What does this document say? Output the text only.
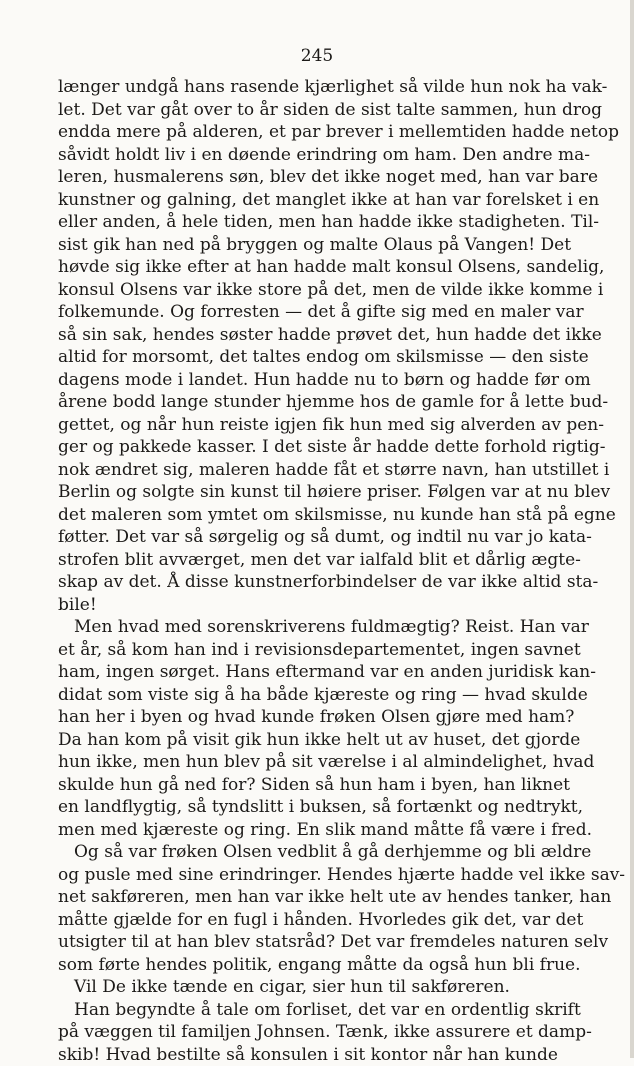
245
længer undgå hans rasende kjærlighet så vilde hun nok ha vak-
let. Det var gåt over to år siden de sist talte sammen, hun drog
endda mere på alderen, et par brever i mellemtiden hadde netop
såvidt holdt liv i en døende erindring om ham. Den andre ma-
leren, husmalerens søn, blev det ikke noget med, han var bare
kunstner og galning, det manglet ikke at han var forelsket i en
eller anden, å hele tiden, men han hadde ikke stadigheten. Til-
sist gik han ned på bryggen og malte Olaus på Vangen! Det
høvde sig ikke efter at han hadde malt konsul Olsens, sandelig,
konsul Olsens var ikke store på det, men de vilde ikke komme i
folkemunde. Og forresten — det å gifte sig med en maler var
så sin sak, hendes søster hadde prøvet det, hun hadde det ikke
altid for morsomt, det taltes endog om skilsmisse — den siste
dagens mode i landet. Hun hadde nu to børn og hadde før om
årene bodd lange stunder hjemme hos de gamle for å lette bud-
gettet, og når hun reiste igjen fik hun med sig alverden av pen-
ger og pakkede kasser. I det siste år hadde dette forhold rigtig-
nok ændret sig, maleren hadde fåt et større navn, han utstillet i
Berlin og solgte sin kunst til høiere priser. Følgen var at nu blev
det maleren som ymtet om skilsmisse, nu kunde han stå på egne
føtter. Det var så sørgelig og så dumt, og indtil nu var jo kata-
strofen blit avværget, men det var ialfald blit et dårlig ægte-
skap av det. Å disse kunstnerforbindelser de var ikke altid sta-
bile!
Men hvad med sorenskriverens fuldmægtig? Reist. Han var
et år, så kom han ind i revisionsdepartementet, ingen savnet
ham, ingen sørget. Hans eftermand var en anden juridisk kan-
didat som viste sig å ha både kjæreste og ring — hvad skulde
han her i byen og hvad kunde frøken Olsen gjøre med ham?
Da han kom på visit gik hun ikke helt ut av huset, det gjorde
hun ikke, men hun blev på sit værelse i al almindelighet, hvad
skulde hun gå ned for? Siden så hun ham i byen, han liknet
en landflygtig, så tyndslitt i buksen, så fortænkt og nedtrykt,
men med kjæreste og ring. En slik mand måtte få være i fred.
Og så var frøken Olsen vedblit å gå derhjemme og bli ældre
og pusle med sine erindringer. Hendes hjærte hadde vel ikke sav-
net sakføreren, men han var ikke helt ute av hendes tanker, han
måtte gjælde for en fugl i hånden. Hvorledes gik det, var det
utsigter til at han blev statsråd? Det var fremdeles naturen selv
som førte hendes politik, engang måtte da også hun bli frue.
Vil De ikke tænde en cigar, sier hun til sakføreren.
Han begyndte å tale om forliset, det var en ordentlig skrift
på væggen til familjen Johnsen. Tænk, ikke assurere et damp-
skib! Hvad bestilte så konsulen i sit kontor når han kunde
